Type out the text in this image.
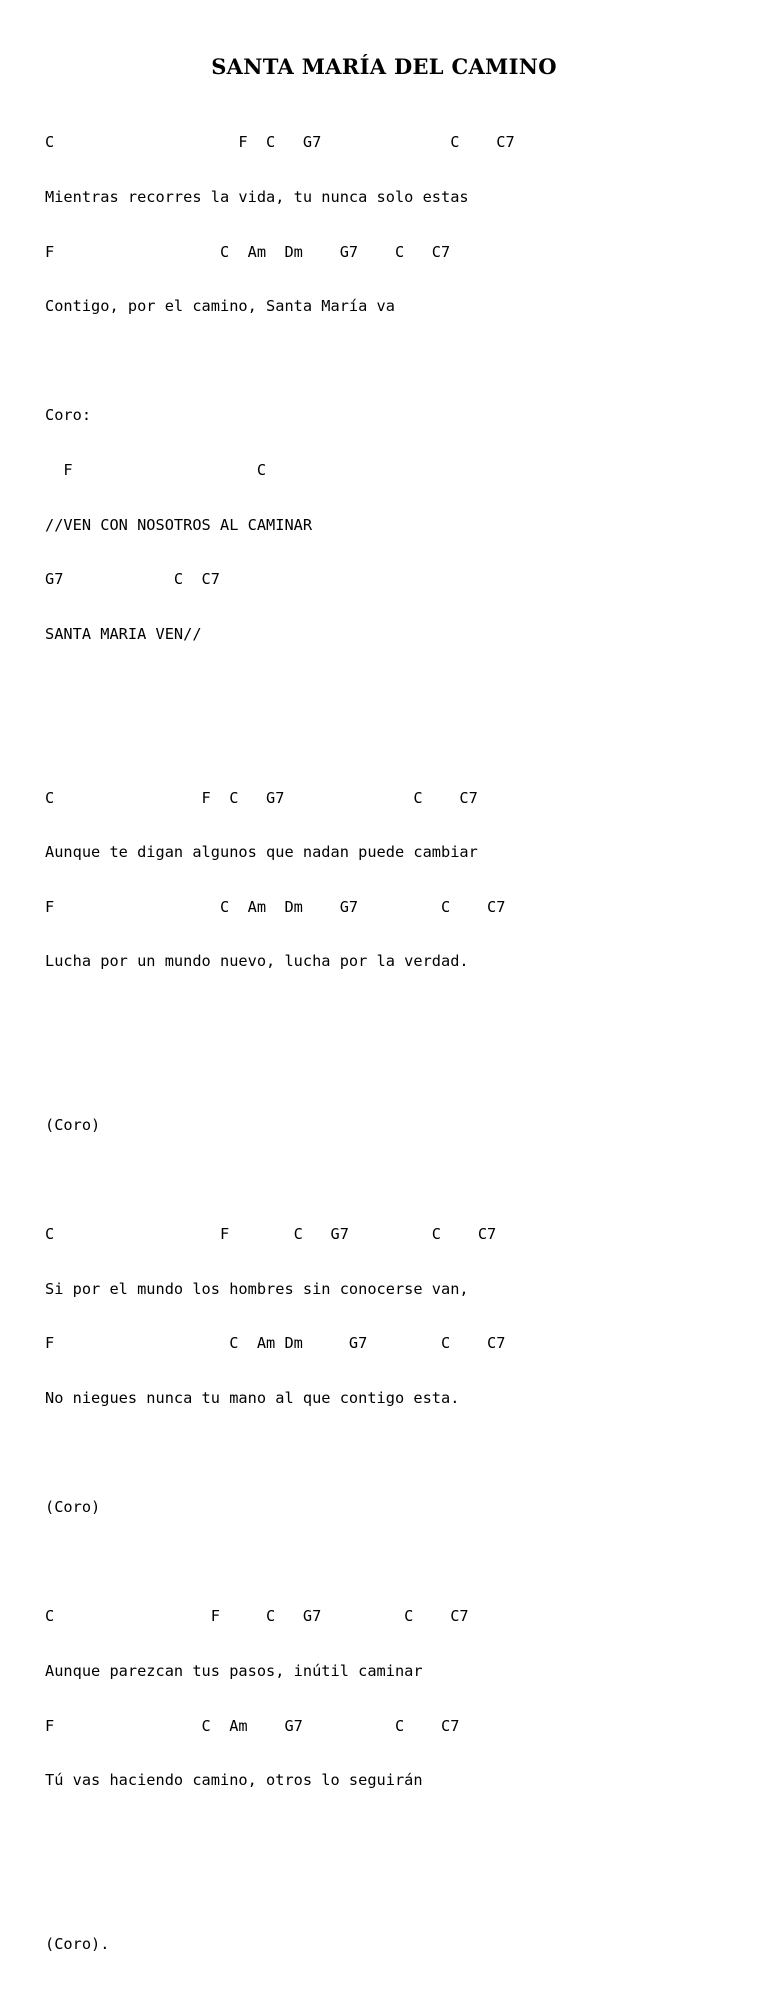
SANTA MARÍA DEL CAMINO

C                    F  C   G7              C    C7

Mientras recorres la vida, tu nunca solo estas

F                  C  Am  Dm    G7    C   C7

Contigo, por el camino, Santa María va

Coro:

F                    C

//VEN CON NOSOTROS AL CAMINAR

G7            C  C7

SANTA MARIA VEN//

C                F  C   G7              C    C7

Aunque te digan algunos que nadan puede cambiar

F                  C  Am  Dm    G7         C    C7

Lucha por un mundo nuevo, lucha por la verdad.

(Coro)

C                  F       C   G7         C    C7

Si por el mundo los hombres sin conocerse van,

F                   C  Am Dm     G7        C    C7

No niegues nunca tu mano al que contigo esta.

(Coro)

C                 F     C   G7         C    C7

Aunque parezcan tus pasos, inútil caminar

F                C  Am    G7          C    C7

Tú vas haciendo camino, otros lo seguirán

(Coro).
